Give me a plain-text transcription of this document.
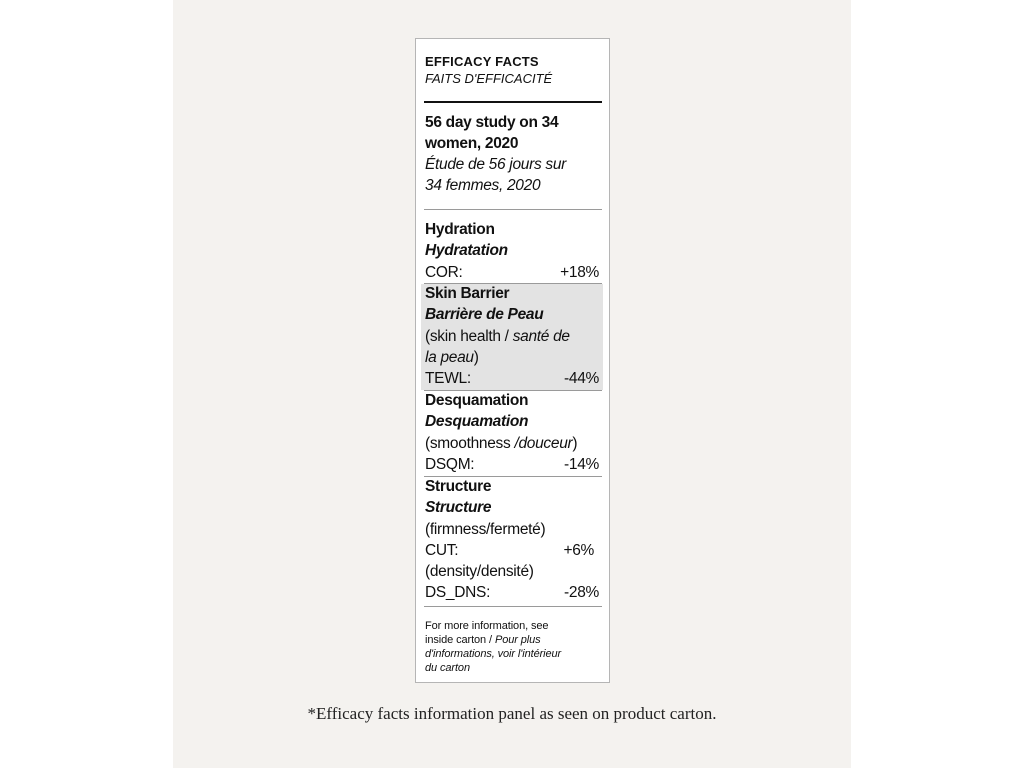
EFFICACY FACTS

FAITS D'EFFICACITÉ

56 day study on 34
women, 2020
Étude de 56 jours sur
34 femmes, 2020
Hydration
Hydratation
COR:	+18%
Skin Barrier
Barrière de Peau
(skin health / santé de
la peau)
TEWL:	-44%
Desquamation
Desquamation
(smoothness /douceur)
DSQM:	-14%
Structure
Structure
(firmness/fermeté)
CUT:	+6%
(density/densité)
DS_DNS:	-28%
For more information, see
inside carton / Pour plus
d'informations, voir l'intérieur
du carton
*Efficacy facts information panel as seen on product carton.
